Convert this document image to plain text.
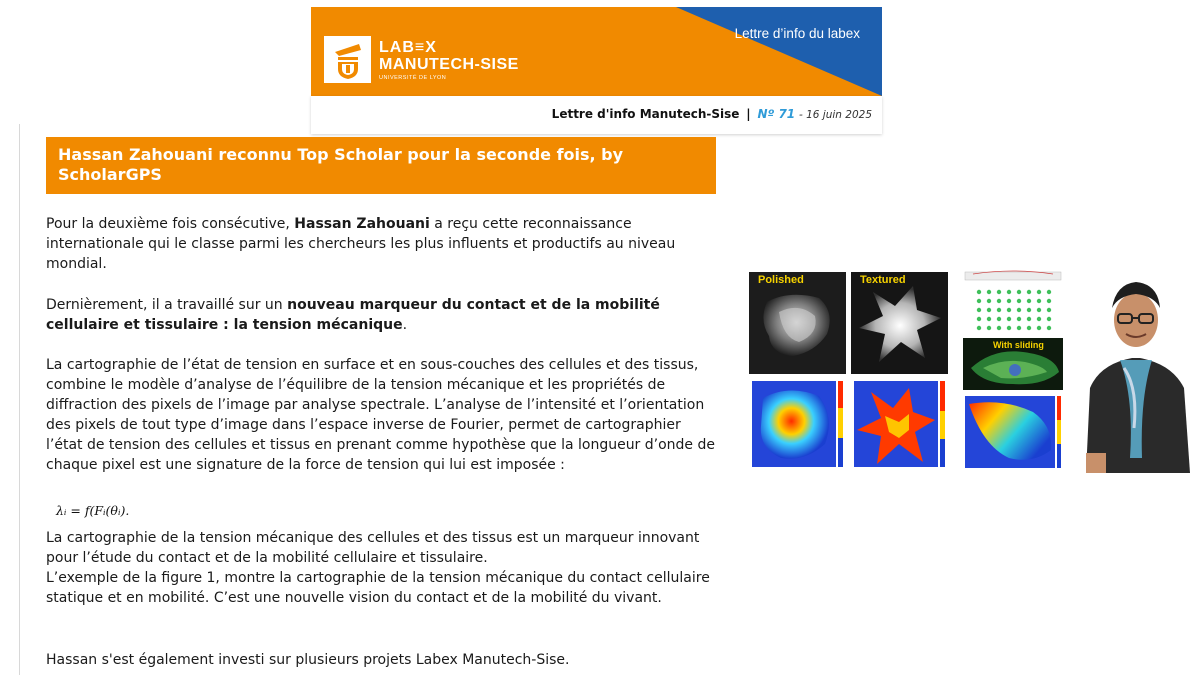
Lettre d’info du labex
LAB≡X
MANUTECH-SISE
UNIVERSITÉ DE LYON
Lettre d'info Manutech-Sise | Nº 71 - 16 juin 2025
Hassan Zahouani reconnu Top Scholar pour la seconde fois, by ScholarGPS

Pour la deuxième fois consécutive, Hassan Zahouani a reçu cette reconnaissance internationale qui le classe parmi les chercheurs les plus influents et productifs au niveau mondial.

Dernièrement, il a travaillé sur un nouveau marqueur du contact et de la mobilité cellulaire et tissulaire : la tension mécanique.

La cartographie de l’état de tension en surface et en sous-couches des cellules et des tissus, combine le modèle d’analyse de l’équilibre de la tension mécanique et les propriétés de diffraction des pixels de l’image par analyse spectrale. L’analyse de l’intensité et l’orientation des pixels de tout type d’image dans l’espace inverse de Fourier, permet de cartographier l’état de tension des cellules et tissus en prenant comme hypothèse que la longueur d’onde de chaque pixel est une signature de la force de tension qui lui est imposée :

λᵢ = f(Fᵢ(θᵢ).

La cartographie de la tension mécanique des cellules et des tissus est un marqueur innovant pour l’étude du contact et de la mobilité cellulaire et tissulaire.

L’exemple de la figure 1, montre la cartographie de la tension mécanique du contact cellulaire statique et en mobilité. C’est une nouvelle vision du contact et de la mobilité du vivant.

Hassan s'est également investi sur plusieurs projets Labex Manutech-Sise.

Polished	Textured
With sliding
